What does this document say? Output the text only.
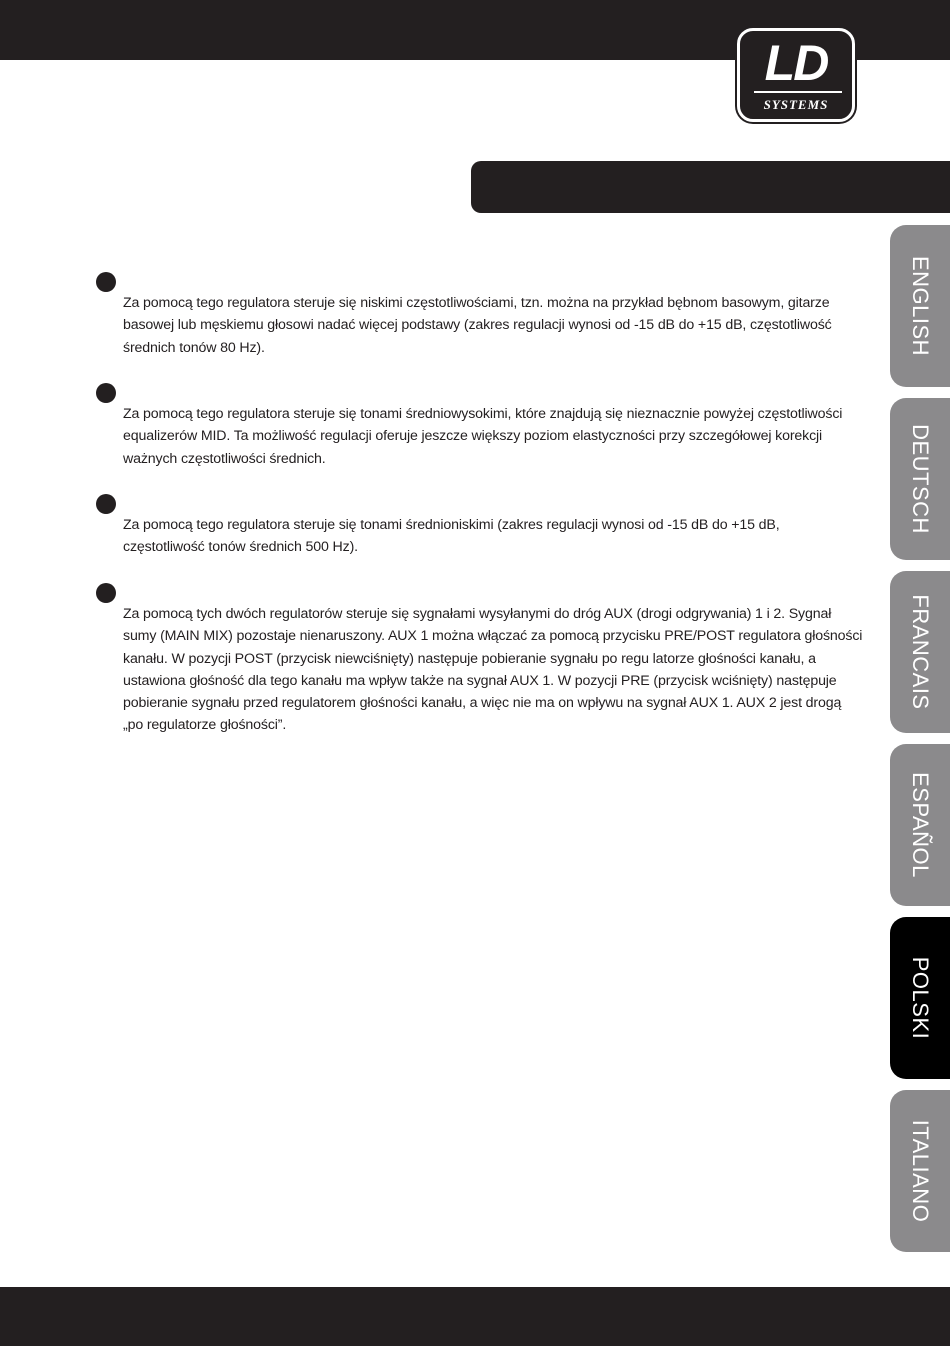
LD
SYSTEMS

Za pomocą tego regulatora steruje się niskimi częstotliwościami, tzn. można na przykład bębnom basowym, gitarze basowej lub męskiemu głosowi nadać więcej podstawy (zakres regulacji wynosi od -15 dB do +15 dB, częstotliwość średnich tonów 80 Hz).

Za pomocą tego regulatora steruje się tonami średniowysokimi, które znajdują się nieznacznie powyżej częstotliwości equalizerów MID. Ta możliwość regulacji oferuje jeszcze większy poziom elastyczności przy szczegółowej korekcji ważnych częstotliwości średnich.

Za pomocą tego regulatora steruje się tonami średnioniskimi (zakres regulacji wynosi od -15 dB do +15 dB, częstotliwość tonów średnich 500 Hz).

Za pomocą tych dwóch regulatorów steruje się sygnałami wysyłanymi do dróg AUX (drogi odgrywania) 1 i 2. Sygnał sumy (MAIN MIX) pozostaje nienaruszony. AUX 1 można włączać za pomocą przycisku PRE/POST regulatora głośności kanału. W pozycji POST (przycisk niewciśnięty) następuje pobieranie sygnału po regu latorze głośności kanału, a ustawiona głośność dla tego kanału ma wpływ także na sygnał AUX 1. W pozycji PRE (przycisk wciśnięty) następuje pobieranie sygnału przed regulatorem głośności kanału, a więc nie ma on wpływu na sygnał AUX 1. AUX 2 jest drogą „po regulatorze głośności”.

ENGLISH
DEUTSCH
FRANCAIS
ESPAÑOL
POLSKI
ITALIANO
